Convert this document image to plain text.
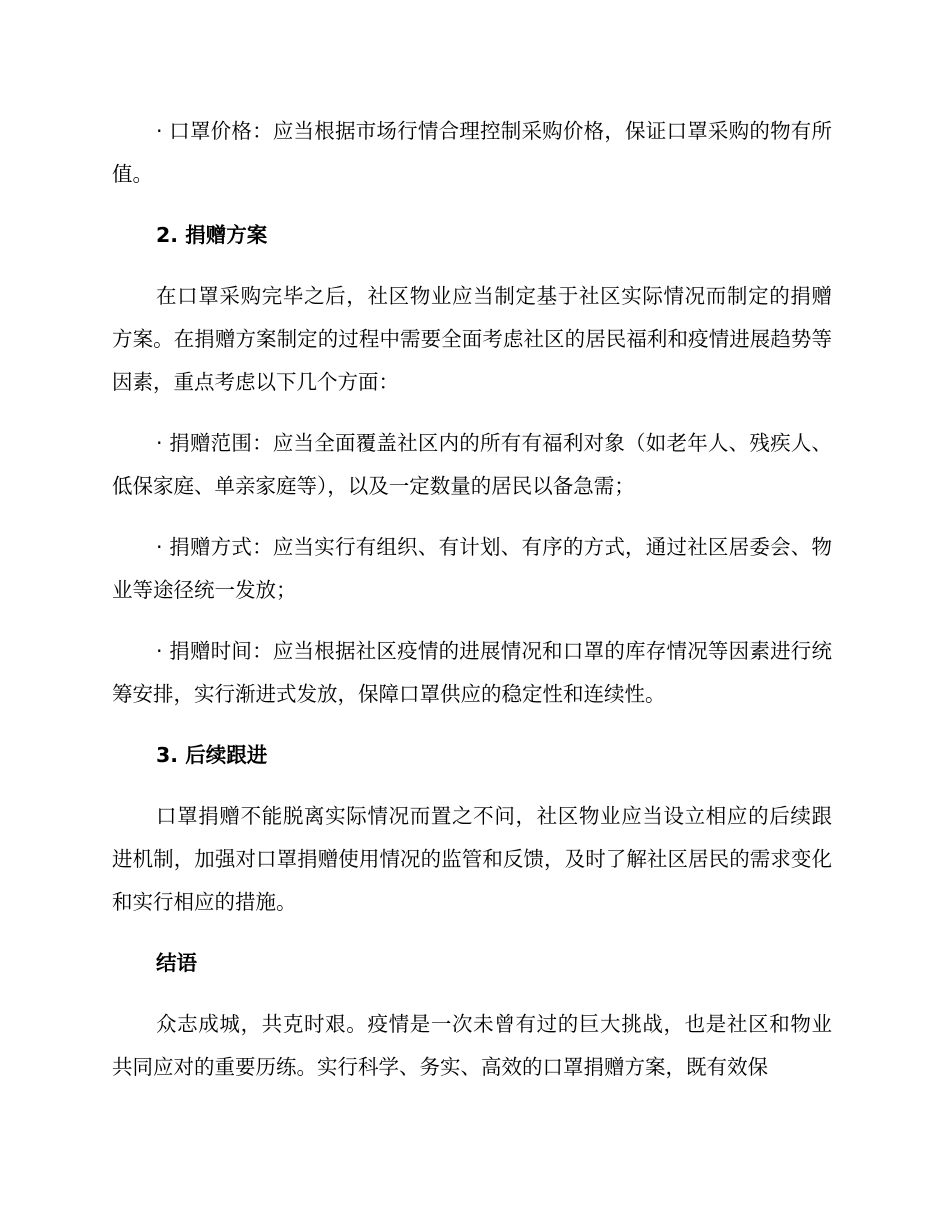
· 口罩价格：应当根据市场行情合理控制采购价格，保证口罩采购的物有所值。

2. 捐赠方案

在口罩采购完毕之后，社区物业应当制定基于社区实际情况而制定的捐赠方案。在捐赠方案制定的过程中需要全面考虑社区的居民福利和疫情进展趋势等因素，重点考虑以下几个方面：

· 捐赠范围：应当全面覆盖社区内的所有有福利对象（如老年人、残疾人、低保家庭、单亲家庭等），以及一定数量的居民以备急需；

· 捐赠方式：应当实行有组织、有计划、有序的方式，通过社区居委会、物业等途径统一发放；

· 捐赠时间：应当根据社区疫情的进展情况和口罩的库存情况等因素进行统筹安排，实行渐进式发放，保障口罩供应的稳定性和连续性。

3. 后续跟进

口罩捐赠不能脱离实际情况而置之不问，社区物业应当设立相应的后续跟进机制，加强对口罩捐赠使用情况的监管和反馈，及时了解社区居民的需求变化和实行相应的措施。

结语

众志成城，共克时艰。疫情是一次未曾有过的巨大挑战，也是社区和物业共同应对的重要历练。实行科学、务实、高效的口罩捐赠方案，既有效保
